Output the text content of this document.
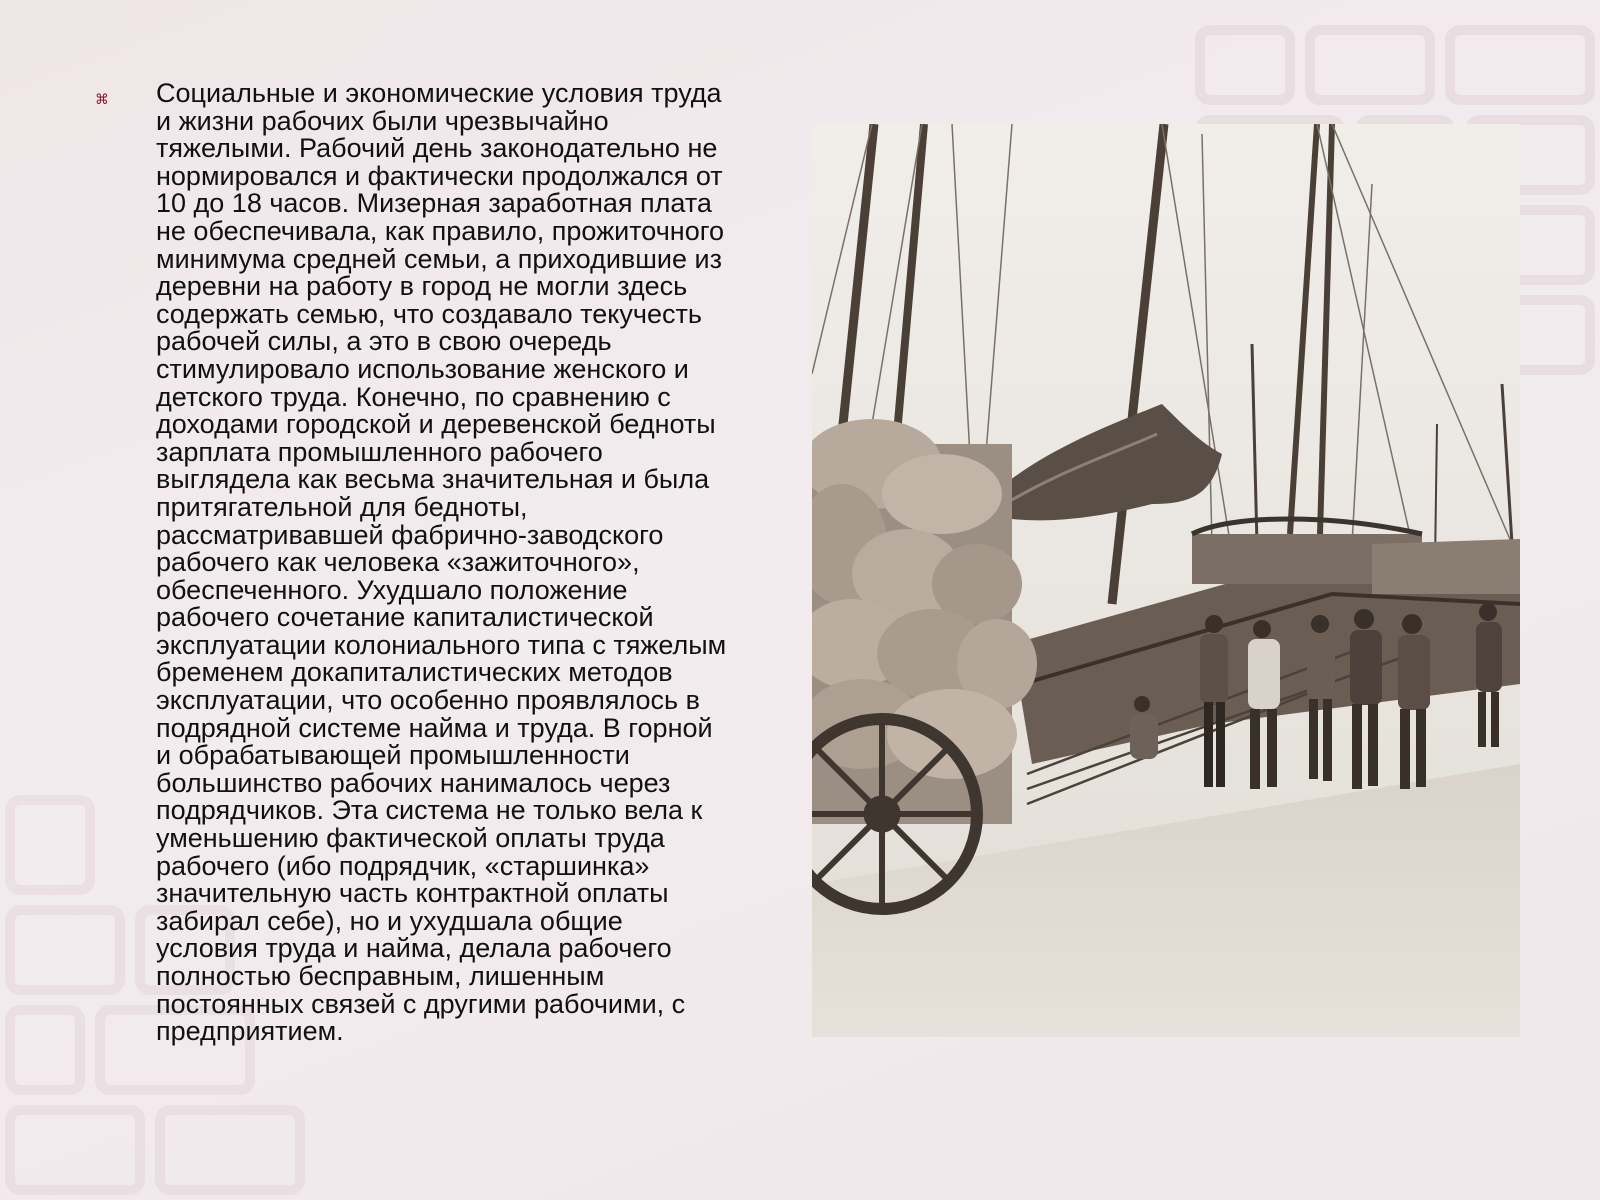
⌘ Социальные и экономические условия труда
и жизни рабочих были чрезвычайно
тяжелыми. Рабочий день законодательно не
нормировался и фактически продолжался от
10 до 18 часов. Мизерная заработная плата
не обеспечивала, как правило, прожиточного
минимума средней семьи, а приходившие из
деревни на работу в город не могли здесь
содержать семью, что создавало текучесть
рабочей силы, а это в свою очередь
стимулировало использование женского и
детского труда. Конечно, по сравнению с
доходами городской и деревенской бедноты
зарплата промышленного рабочего
выглядела как весьма значительная и была
притягательной для бедноты,
рассматривавшей фабрично-заводского
рабочего как человека «зажиточного»,
обеспеченного. Ухудшало положение
рабочего сочетание капиталистической
эксплуатации колониального типа с тяжелым
бременем докапиталистических методов
эксплуатации, что особенно проявлялось в
подрядной системе найма и труда. В горной
и обрабатывающей промышленности
большинство рабочих нанималось через
подрядчиков. Эта система не только вела к
уменьшению фактической оплаты труда
рабочего (ибо подрядчик, «старшинка»
значительную часть контрактной оплаты
забирал себе), но и ухудшала общие
условия труда и найма, делала рабочего
полностью бесправным, лишенным
постоянных связей с другими рабочими, с
предприятием.
